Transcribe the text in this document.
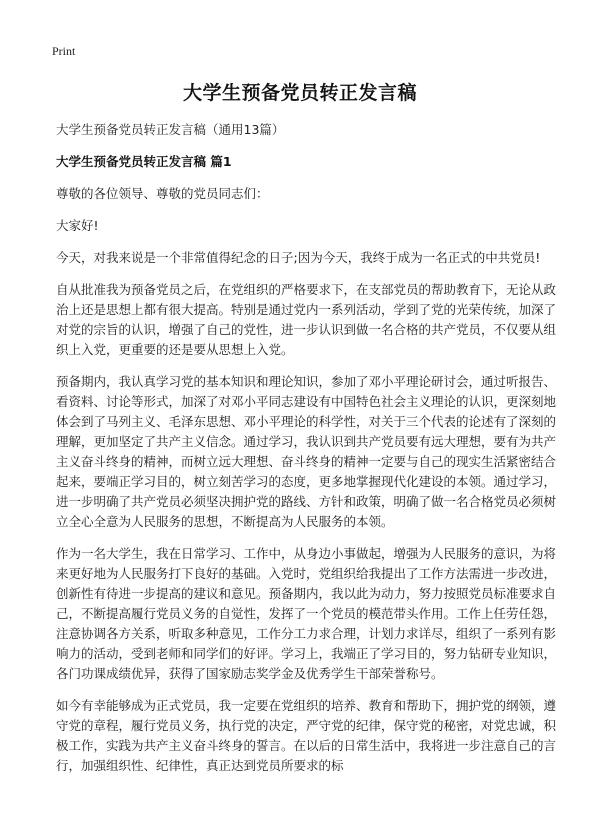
Print
大学生预备党员转正发言稿

大学生预备党员转正发言稿（通用13篇）

大学生预备党员转正发言稿 篇1

尊敬的各位领导、尊敬的党员同志们：

大家好!

今天，对我来说是一个非常值得纪念的日子;因为今天，我终于成为一名正式的中共党员!

自从批准我为预备党员之后，在党组织的严格要求下，在支部党员的帮助教育下，无论从政治上还是思想上都有很大提高。特别是通过党内一系列活动，学到了党的光荣传统，加深了对党的宗旨的认识，增强了自己的党性，进一步认识到做一名合格的共产党员，不仅要从组织上入党，更重要的还是要从思想上入党。

预备期内，我认真学习党的基本知识和理论知识，参加了邓小平理论研讨会，通过听报告、看资料、讨论等形式，加深了对邓小平同志建设有中国特色社会主义理论的认识，更深刻地体会到了马列主义、毛泽东思想、邓小平理论的科学性，对关于三个代表的论述有了深刻的理解，更加坚定了共产主义信念。通过学习，我认识到共产党员要有远大理想，要有为共产主义奋斗终身的精神，而树立远大理想、奋斗终身的精神一定要与自己的现实生活紧密结合起来，要端正学习目的，树立刻苦学习的态度，更多地掌握现代化建设的本领。通过学习，进一步明确了共产党员必须坚决拥护党的路线、方针和政策，明确了做一名合格党员必须树立全心全意为人民服务的思想，不断提高为人民服务的本领。

作为一名大学生，我在日常学习、工作中，从身边小事做起，增强为人民服务的意识，为将来更好地为人民服务打下良好的基础。入党时，党组织给我提出了工作方法需进一步改进，创新性有待进一步提高的建议和意见。预备期内，我以此为动力，努力按照党员标准要求自己，不断提高履行党员义务的自觉性，发挥了一个党员的模范带头作用。工作上任劳任怨，注意协调各方关系，听取多种意见，工作分工力求合理，计划力求详尽，组织了一系列有影响力的活动，受到老师和同学们的好评。学习上，我端正了学习目的，努力钻研专业知识，各门功课成绩优异，获得了国家励志奖学金及优秀学生干部荣誉称号。

如今有幸能够成为正式党员，我一定要在党组织的培养、教育和帮助下，拥护党的纲领，遵守党的章程，履行党员义务，执行党的决定，严守党的纪律，保守党的秘密，对党忠诚，积极工作，实践为共产主义奋斗终身的誓言。在以后的日常生活中，我将进一步注意自己的言行，加强组织性、纪律性，真正达到党员所要求的标
